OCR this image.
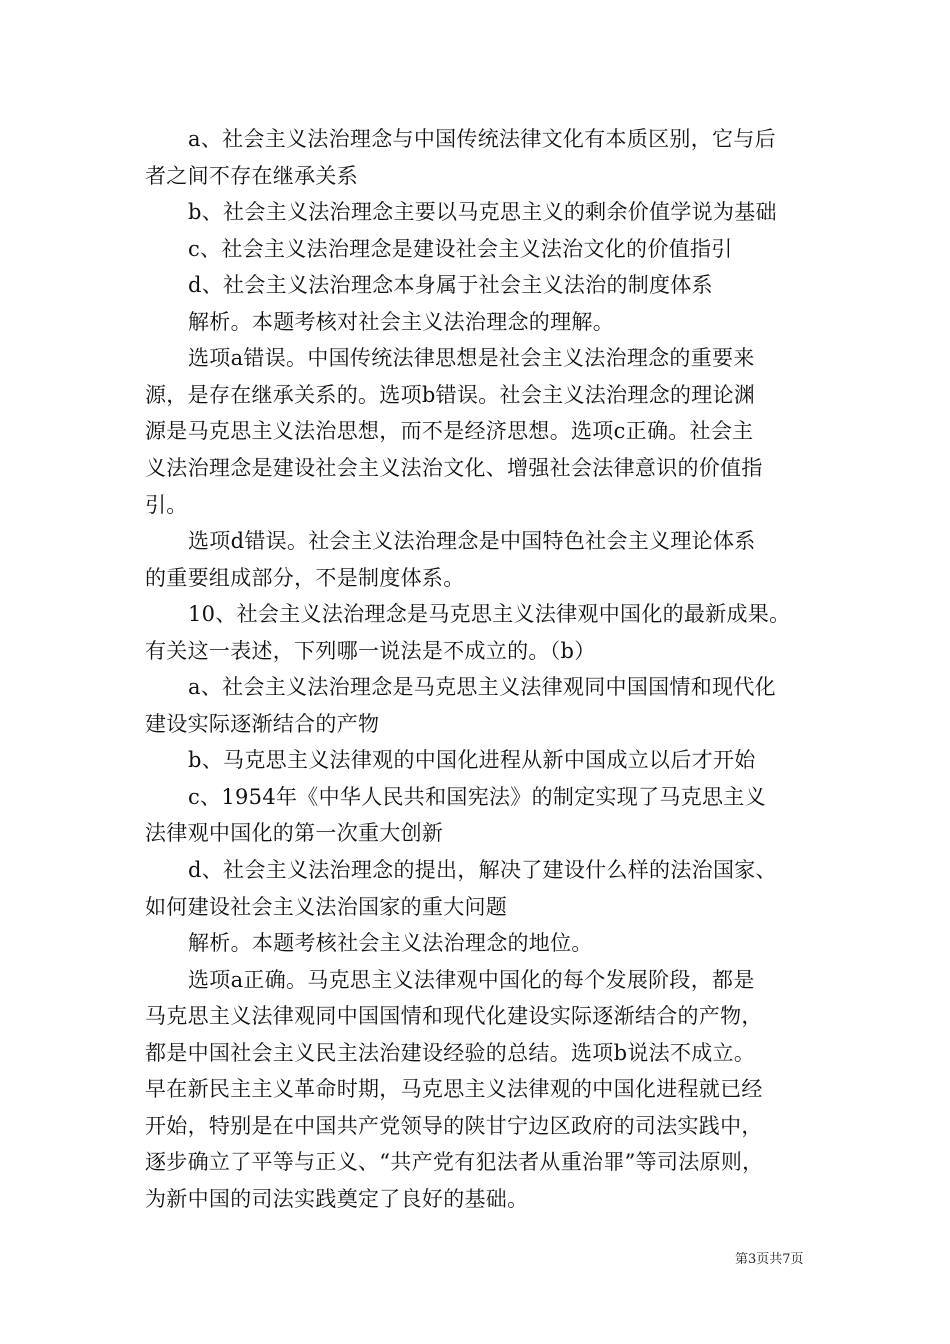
a、社会主义法治理念与中国传统法律文化有本质区别，它与后
者之间不存在继承关系
b、社会主义法治理念主要以马克思主义的剩余价值学说为基础
c、社会主义法治理念是建设社会主义法治文化的价值指引
d、社会主义法治理念本身属于社会主义法治的制度体系
解析。本题考核对社会主义法治理念的理解。
选项a错误。中国传统法律思想是社会主义法治理念的重要来
源，是存在继承关系的。选项b错误。社会主义法治理念的理论渊
源是马克思主义法治思想，而不是经济思想。选项c正确。社会主
义法治理念是建设社会主义法治文化、增强社会法律意识的价值指
引。
选项d错误。社会主义法治理念是中国特色社会主义理论体系
的重要组成部分，不是制度体系。
10、社会主义法治理念是马克思主义法律观中国化的最新成果。
有关这一表述，下列哪一说法是不成立的。（b）
a、社会主义法治理念是马克思主义法律观同中国国情和现代化
建设实际逐渐结合的产物
b、马克思主义法律观的中国化进程从新中国成立以后才开始
c、1954年《中华人民共和国宪法》的制定实现了马克思主义
法律观中国化的第一次重大创新
d、社会主义法治理念的提出，解决了建设什么样的法治国家、
如何建设社会主义法治国家的重大问题
解析。本题考核社会主义法治理念的地位。
选项a正确。马克思主义法律观中国化的每个发展阶段，都是
马克思主义法律观同中国国情和现代化建设实际逐渐结合的产物，
都是中国社会主义民主法治建设经验的总结。选项b说法不成立。
早在新民主主义革命时期，马克思主义法律观的中国化进程就已经
开始，特别是在中国共产党领导的陕甘宁边区政府的司法实践中，
逐步确立了平等与正义、“共产党有犯法者从重治罪”等司法原则，
为新中国的司法实践奠定了良好的基础。
第3页共7页
